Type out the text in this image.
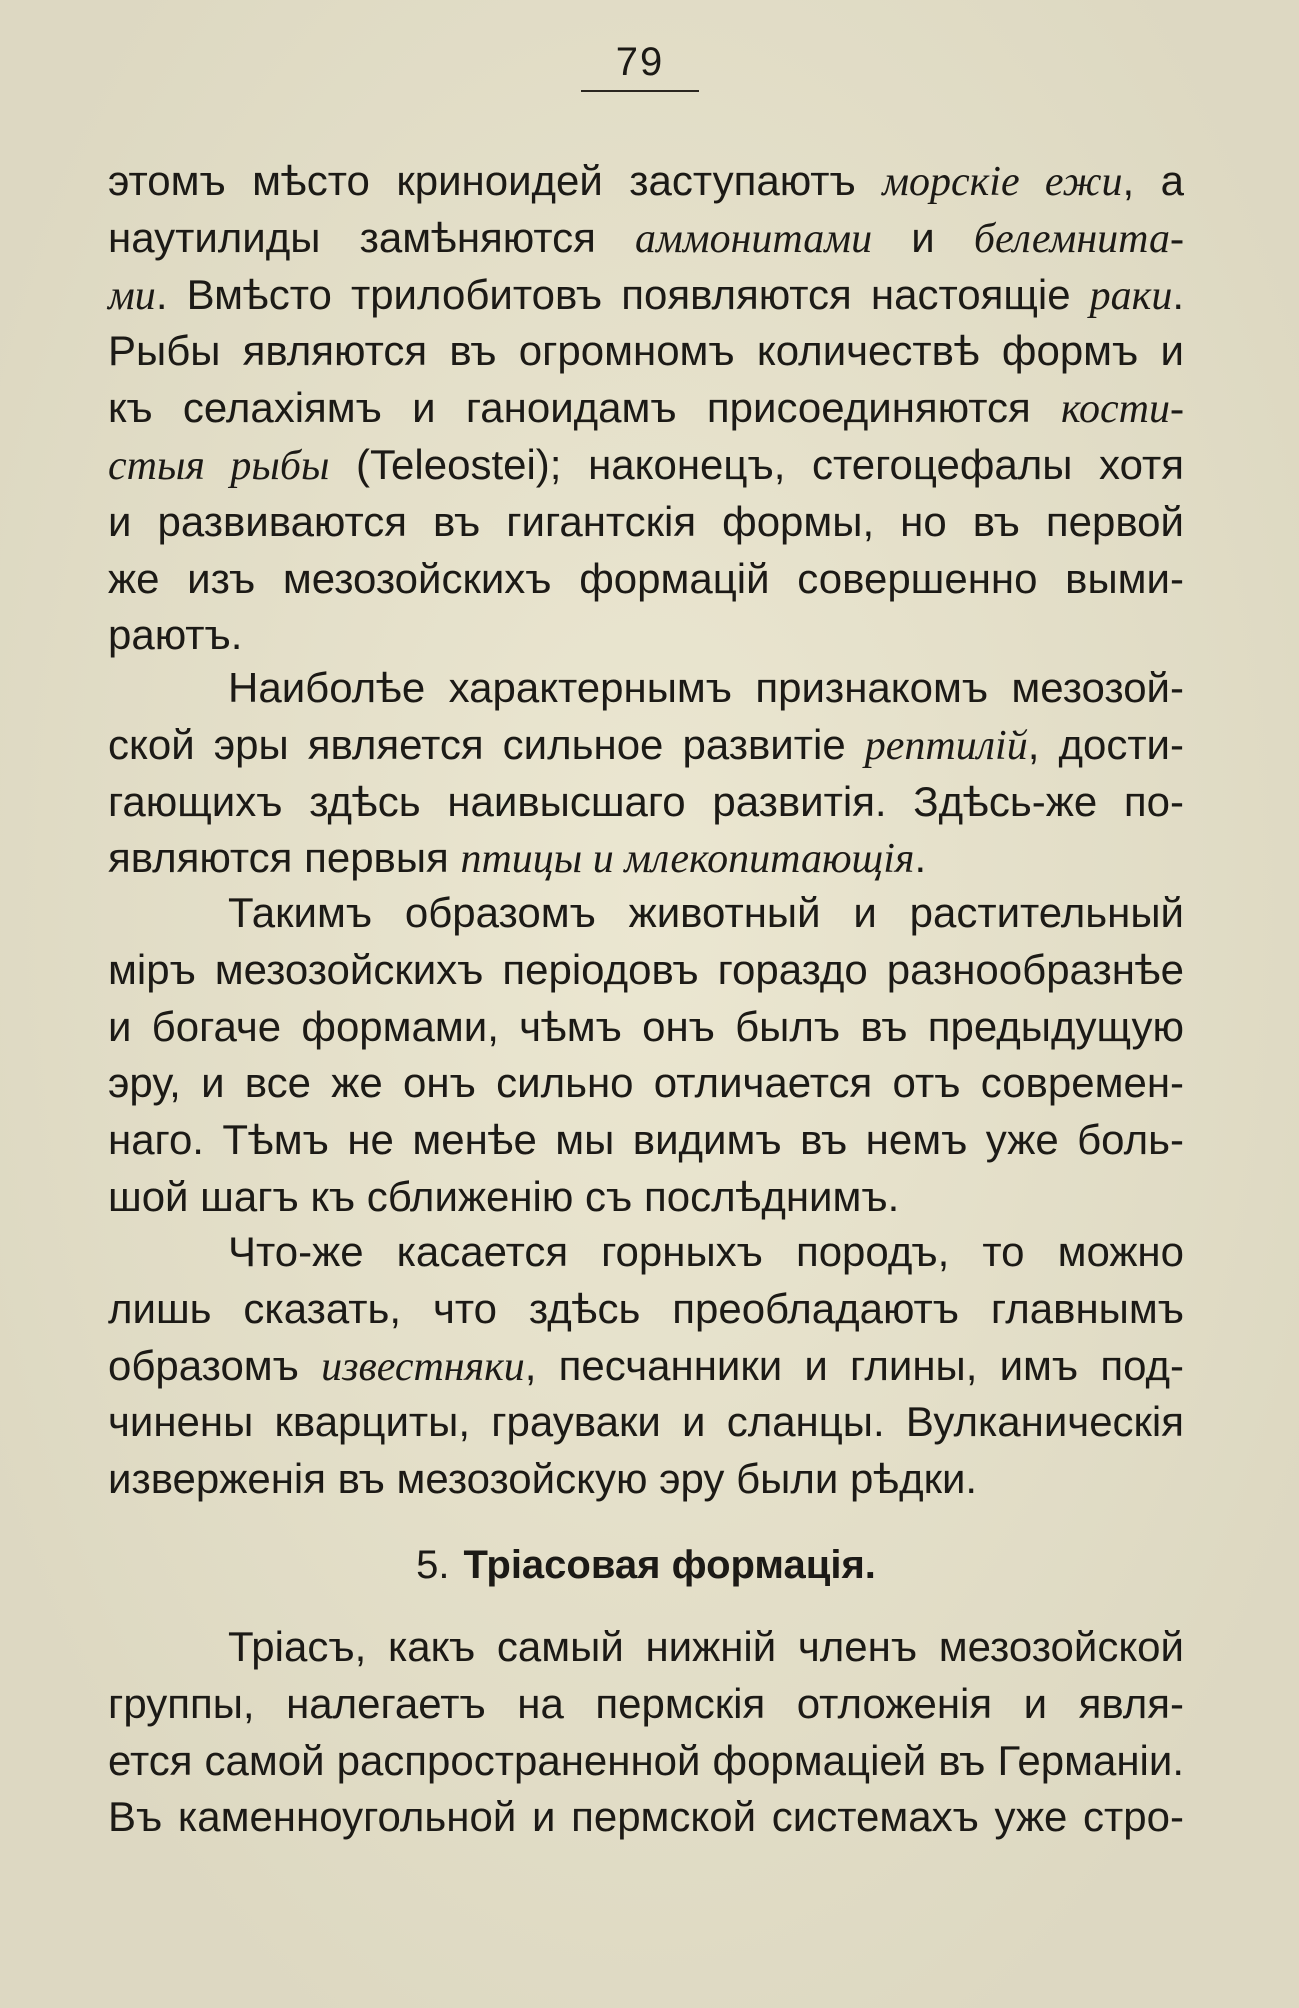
79
этомъ мѣсто криноидей заступаютъ морскіе ежи, а
наутилиды замѣняются аммонитами и белемнита-
ми. Вмѣсто трилобитовъ появляются настоящіе раки.
Рыбы являются въ огромномъ количествѣ формъ и
къ селахіямъ и ганоидамъ присоединяются кости-
стыя рыбы (Teleostei); наконецъ, стегоцефалы хотя
и развиваются въ гигантскія формы, но въ первой
же изъ мезозойскихъ формацій совершенно выми-
раютъ.
Наиболѣе характернымъ признакомъ мезозой-
ской эры является сильное развитіе рептилій, дости-
гающихъ здѣсь наивысшаго развитія. Здѣсь-же по-
являются первыя птицы и млекопитающія.
Такимъ образомъ животный и растительный
міръ мезозойскихъ періодовъ гораздо разнообразнѣе
и богаче формами, чѣмъ онъ былъ въ предыдущую
эру, и все же онъ сильно отличается отъ современ-
наго. Тѣмъ не менѣе мы видимъ въ немъ уже боль-
шой шагъ къ сближенію съ послѣднимъ.
Что-же касается горныхъ породъ, то можно
лишь сказать, что здѣсь преобладаютъ главнымъ
образомъ известняки, песчанники и глины, имъ под-
чинены кварциты, грауваки и сланцы. Вулканическія
изверженія въ мезозойскую эру были рѣдки.
5. Тріасовая формація.
Тріасъ, какъ самый нижній членъ мезозойской
группы, налегаетъ на пермскія отложенія и явля-
ется самой распространенной формаціей въ Германіи.
Въ каменноугольной и пермской системахъ уже стро-
